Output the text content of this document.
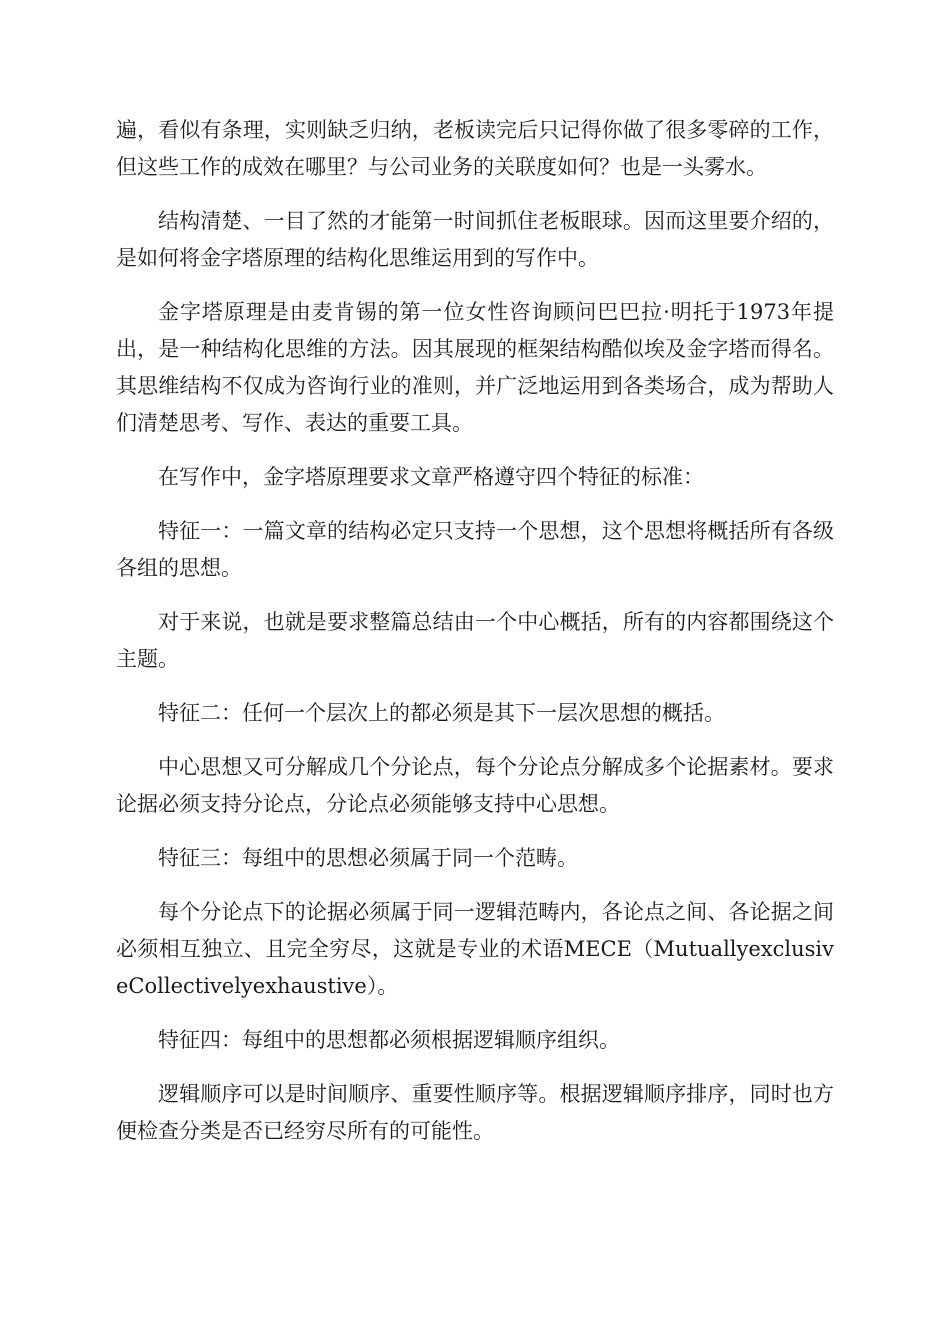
遍，看似有条理，实则缺乏归纳，老板读完后只记得你做了很多零碎的工作，但这些工作的成效在哪里？与公司业务的关联度如何？也是一头雾水。

结构清楚、一目了然的才能第一时间抓住老板眼球。因而这里要介绍的，是如何将金字塔原理的结构化思维运用到的写作中。

金字塔原理是由麦肯锡的第一位女性咨询顾问巴巴拉·明托于1973年提出，是一种结构化思维的方法。因其展现的框架结构酷似埃及金字塔而得名。其思维结构不仅成为咨询行业的准则，并广泛地运用到各类场合，成为帮助人们清楚思考、写作、表达的重要工具。

在写作中，金字塔原理要求文章严格遵守四个特征的标准：

特征一：一篇文章的结构必定只支持一个思想，这个思想将概括所有各级各组的思想。

对于来说，也就是要求整篇总结由一个中心概括，所有的内容都围绕这个主题。

特征二：任何一个层次上的都必须是其下一层次思想的概括。

中心思想又可分解成几个分论点，每个分论点分解成多个论据素材。要求论据必须支持分论点，分论点必须能够支持中心思想。

特征三：每组中的思想必须属于同一个范畴。

每个分论点下的论据必须属于同一逻辑范畴内，各论点之间、各论据之间必须相互独立、且完全穷尽，这就是专业的术语MECE（MutuallyexclusiveCollectivelyexhaustive）。

特征四：每组中的思想都必须根据逻辑顺序组织。

逻辑顺序可以是时间顺序、重要性顺序等。根据逻辑顺序排序，同时也方便检查分类是否已经穷尽所有的可能性。
